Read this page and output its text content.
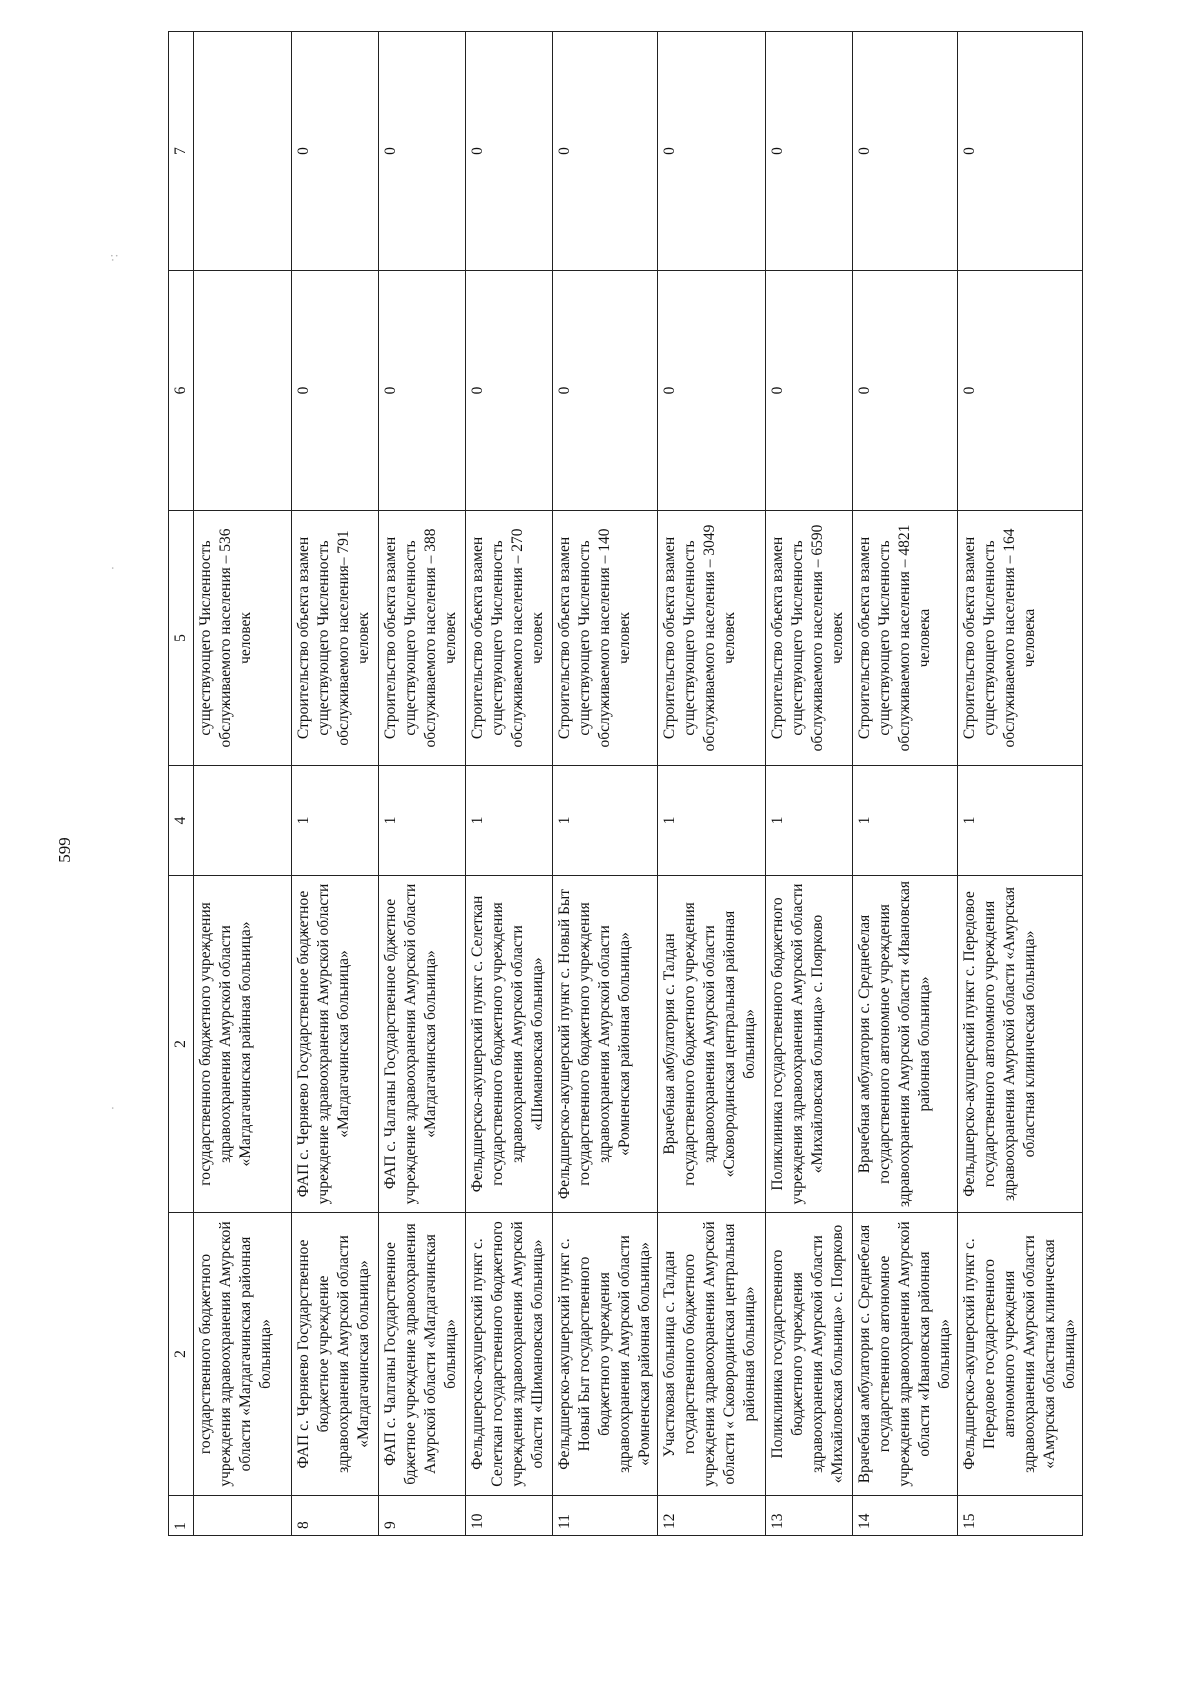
599
·:
·
·
1	2	2	4	5	6	7
	государственного бюджетного учреждения здравоохранения Амурской области «Магдагачинская районная больница»	государственного бюджетного учреждения здравоохранения Амурской области «Магдагачинская райнная больница»		существующего Численность обслуживаемого населения – 536 человек		
8	ФАП с. Черняево Государственное бюджетное учреждение здравоохранения Амурской области «Магдагачинская больница»	ФАП с. Черняево Государственное бюджетное учреждение здравоохранения Амурской области «Магдагачинская больница»	1	Строительство объекта взамен существующего Численность обслуживаемого населения– 791 человек	0	0
9	ФАП с. Чалганы Государственное бджетное учреждение здравоохранения Амурской области «Магдагачинская больница»	ФАП с. Чалганы Государственное бджетное учреждение здравоохранения Амурской области «Магдагачинская больница»	1	Строительство объекта взамен существующего Численность обслуживаемого населения – 388 человек	0	0
10	Фельдшерско-акушерский пункт с. Селеткан государственного бюджетного учреждения здравоохранения Амурской области «Шимановская больница»	Фельдшерско-акушерский пункт с. Селеткан государственного бюджетного учреждения здравоохранения Амурской области «Шимановская больница»	1	Строительство объекта взамен существующего Численность обслуживаемого населения – 270 человек	0	0
11	Фельдшерско-акушерский пункт с. Новый Быт государственного бюджетного учреждения здравоохранения Амурской области «Ромненская районная больница»	Фельдшерско-акушерский пункт с. Новый Быт государственного бюджетного учреждения здравоохранения Амурской области «Ромненская районная больница»	1	Строительство объекта взамен существующего Численность обслуживаемого населения – 140 человек	0	0
12	Участковая больница с. Талдан государственного бюджетного учреждения здравоохранения Амурской области « Сковородинская центральная районная больница»	Врачебная амбулатория с. Талдан государственного бюджетного учреждения здравоохранения Амурской области «Сковородинская центральная районная больница»	1	Строительство объекта взамен существующего Численность обслуживаемого населения – 3049 человек	0	0
13	Поликлиника государственного бюджетного учреждения здравоохранения Амурской области «Михайловская больница» с. Поярково	Поликлиника государственного бюджетного учреждения здравоохранения Амурской области «Михайловская больница» с. Поярково	1	Строительство объекта взамен существующего Численность обслуживаемого населения – 6590 человек	0	0
14	Врачебная амбулатория с. Среднебелая государственного автономное учреждения здравоохранения Амурской области «Ивановская районная больница»	Врачебная амбулатория с. Среднебелая государственного автономное учреждения здравоохранения Амурской области «Ивановская районная больница»	1	Строительство объекта взамен существующего Численность обслуживаемого населения – 4821 человека	0	0
15	Фельдшерско-акушерский пункт с. Передовое государственного автономного учреждения здравоохранения Амурской области «Амурская областная клиническая больница»	Фельдшерско-акушерский пункт с. Передовое государственного автономного учреждения здравоохранения Амурской области «Амурская областная клиническая больница»	1	Строительство объекта взамен существующего Численность обслуживаемого населения – 164 человека	0	0
